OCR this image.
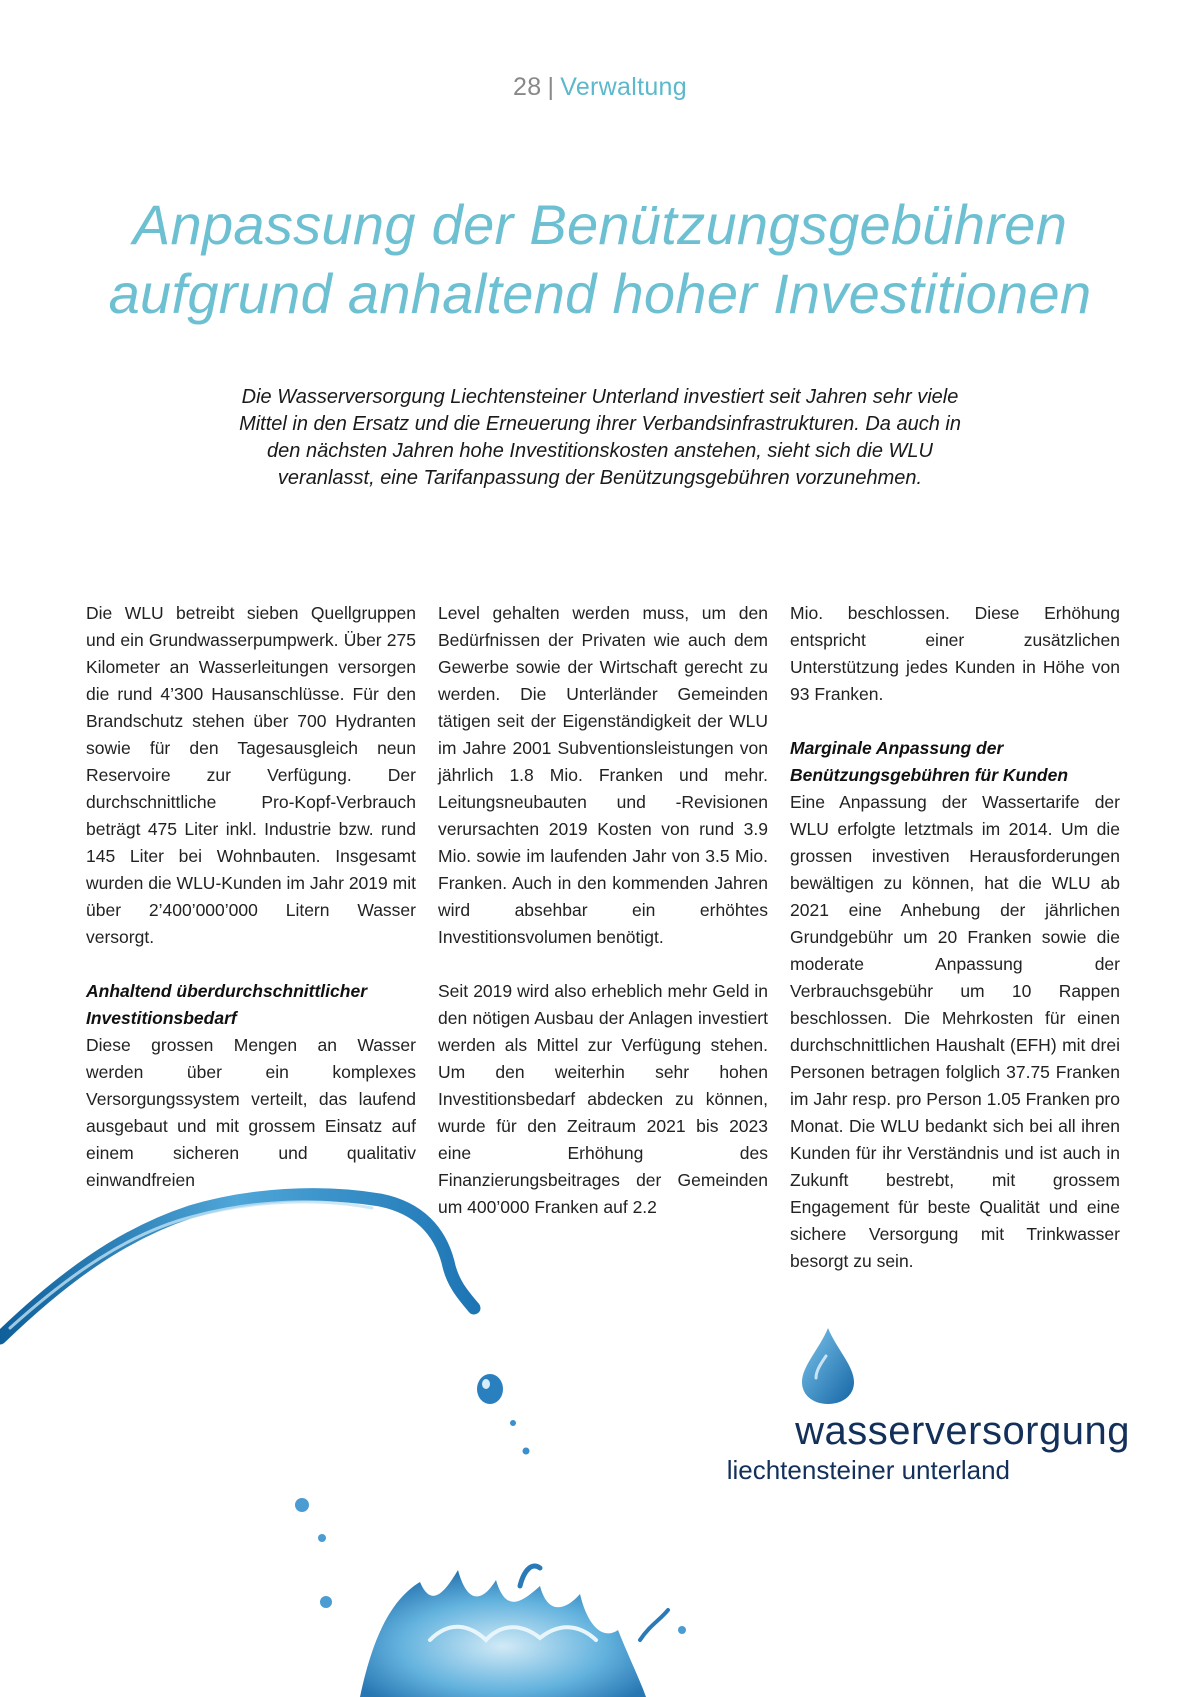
28 | Verwaltung
Anpassung der Benützungsgebühren
aufgrund anhaltend hoher Investitionen

Die Wasserversorgung Liechtensteiner Unterland investiert seit Jahren sehr viele Mittel in den Ersatz und die Erneuerung ihrer Verbandsinfrastrukturen. Da auch in den nächsten Jahren hohe Investitionskosten anstehen, sieht sich die WLU veranlasst, eine Tarifanpassung der Benützungsgebühren vorzunehmen.

Die WLU betreibt sieben Quellgruppen und ein Grundwasserpumpwerk. Über 275 Kilometer an Wasserleitungen versorgen die rund 4’300 Hausanschlüsse. Für den Brandschutz stehen über 700 Hydranten sowie für den Tagesausgleich neun Reservoire zur Verfügung. Der durchschnittliche Pro-Kopf-Verbrauch beträgt 475 Liter inkl. Industrie bzw. rund 145 Liter bei Wohnbauten. Insgesamt wurden die WLU-Kunden im Jahr 2019 mit über 2’400’000’000 Litern Wasser versorgt.

Anhaltend überdurchschnittlicher Investitionsbedarf

Diese grossen Mengen an Wasser werden über ein komplexes Versorgungssystem verteilt, das laufend ausgebaut und mit grossem Einsatz auf einem sicheren und qualitativ einwandfreien

Level gehalten werden muss, um den Bedürfnissen der Privaten wie auch dem Gewerbe sowie der Wirtschaft gerecht zu werden. Die Unterländer Gemeinden tätigen seit der Eigenständigkeit der WLU im Jahre 2001 Subventionsleistungen von jährlich 1.8 Mio. Franken und mehr. Leitungsneubauten und -Revisionen verursachten 2019 Kosten von rund 3.9 Mio. sowie im laufenden Jahr von 3.5 Mio. Franken. Auch in den kommenden Jahren wird absehbar ein erhöhtes Investitionsvolumen benötigt.

Seit 2019 wird also erheblich mehr Geld in den nötigen Ausbau der Anlagen investiert werden als Mittel zur Verfügung stehen. Um den weiterhin sehr hohen Investitionsbedarf abdecken zu können, wurde für den Zeitraum 2021 bis 2023 eine Erhöhung des Finanzierungsbeitrages der Gemeinden um 400’000 Franken auf 2.2

Mio. beschlossen. Diese Erhöhung entspricht einer zusätzlichen Unterstützung jedes Kunden in Höhe von 93 Franken.

Marginale Anpassung der Benützungsgebühren für Kunden

Eine Anpassung der Wassertarife der WLU erfolgte letztmals im 2014. Um die grossen investiven Herausforderungen bewältigen zu können, hat die WLU ab 2021 eine Anhebung der jährlichen Grundgebühr um 20 Franken sowie die moderate Anpassung der Verbrauchsgebühr um 10 Rappen beschlossen. Die Mehrkosten für einen durchschnittlichen Haushalt (EFH) mit drei Personen betragen folglich 37.75 Franken im Jahr resp. pro Person 1.05 Franken pro Monat. Die WLU bedankt sich bei all ihren Kunden für ihr Verständnis und ist auch in Zukunft bestrebt, mit grossem Engagement für beste Qualität und eine sichere Versorgung mit Trinkwasser besorgt zu sein.

wasserversorgung
liechtensteiner unterland
